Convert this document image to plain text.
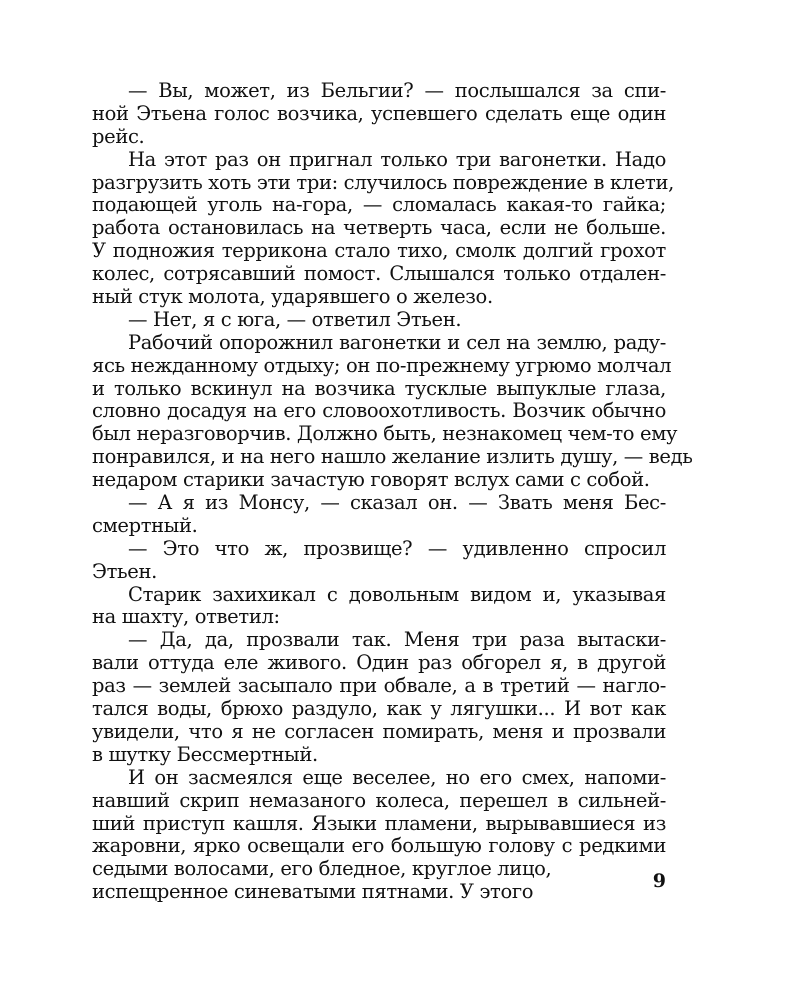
— Вы, может, из Бельгии? — послышался за спи-
ной Этьена голос возчика, успевшего сделать еще один
рейс.
На этот раз он пригнал только три вагонетки. Надо
разгрузить хоть эти три: случилось повреждение в клети,
подающей уголь на-гора, — сломалась какая-то гайка;
работа остановилась на четверть часа, если не больше.
У подножия террикона стало тихо, смолк долгий грохот
колес, сотрясавший помост. Слышался только отдален-
ный стук молота, ударявшего о железо.
— Нет, я с юга, — ответил Этьен.
Рабочий опорожнил вагонетки и сел на землю, раду-
ясь нежданному отдыху; он по-прежнему угрюмо молчал
и только вскинул на возчика тусклые выпуклые глаза,
словно досадуя на его словоохотливость. Возчик обычно
был неразговорчив. Должно быть, незнакомец чем-то ему
понравился, и на него нашло желание излить душу, — ведь
недаром старики зачастую говорят вслух сами с собой.
— А я из Монсу, — сказал он. — Звать меня Бес-
смертный.
— Это что ж, прозвище? — удивленно спросил
Этьен.
Старик захихикал с довольным видом и, указывая
на шахту, ответил:
— Да, да, прозвали так. Меня три раза вытаски-
вали оттуда еле живого. Один раз обгорел я, в другой
раз — землей засыпало при обвале, а в третий — нагло-
тался воды, брюхо раздуло, как у лягушки... И вот как
увидели, что я не согласен помирать, меня и прозвали
в шутку Бессмертный.
И он засмеялся еще веселее, но его смех, напоми-
навший скрип немазаного колеса, перешел в сильней-
ший приступ кашля. Языки пламени, вырывавшиеся из
жаровни, ярко освещали его большую голову с редкими
седыми волосами, его бледное, круглое лицо,
испещренное синеватыми пятнами. У этого	9
